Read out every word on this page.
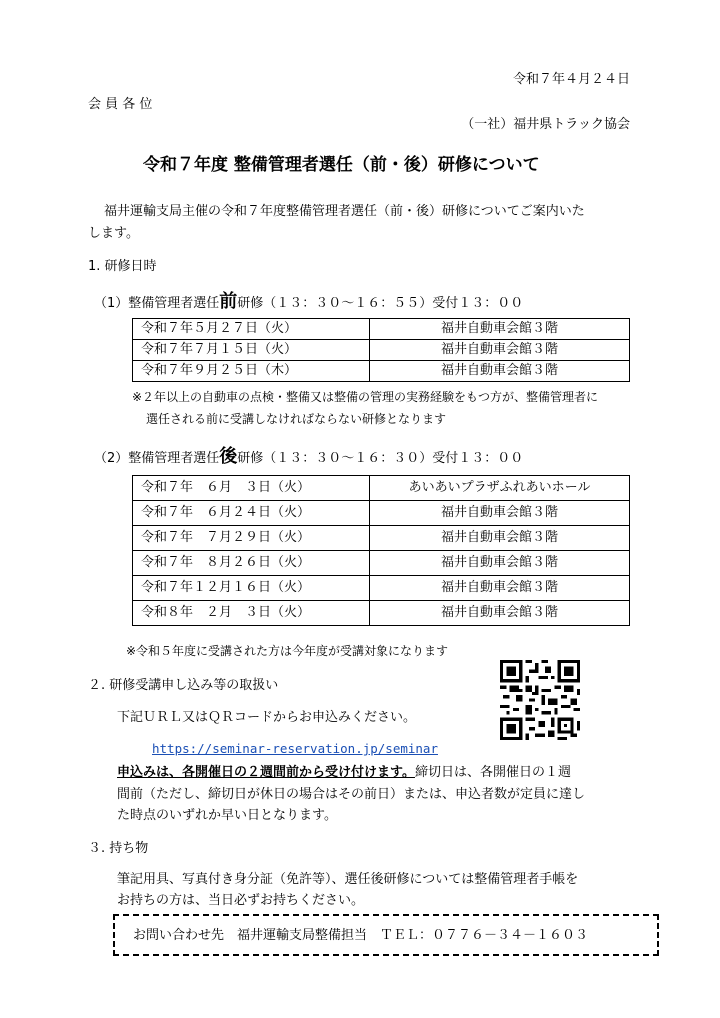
令和７年４月２４日
会 員 各 位
（一社）福井県トラック協会
令和７年度 整備管理者選任（前・後）研修について
福井運輸支局主催の令和７年度整備管理者選任（前・後）研修についてご案内いた
します。
1. 研修日時
（1）整備管理者選任前研修（１３：３０～１６：５５）受付１３：００
令和７年５月２７日（火）	福井自動車会館３階
令和７年７月１５日（火）	福井自動車会館３階
令和７年９月２５日（木）	福井自動車会館３階
※２年以上の自動車の点検・整備又は整備の管理の実務経験をもつ方が、整備管理者に
選任される前に受講しなければならない研修となります
（2）整備管理者選任後研修（１３：３０～１６：３０）受付１３：００
令和７年　６月　３日（火）	あいあいプラザふれあいホール
令和７年　６月２４日（火）	福井自動車会館３階
令和７年　７月２９日（火）	福井自動車会館３階
令和７年　８月２６日（火）	福井自動車会館３階
令和７年１２月１６日（火）	福井自動車会館３階
令和８年　２月　３日（火）	福井自動車会館３階
※令和５年度に受講された方は今年度が受講対象になります
２. 研修受講申し込み等の取扱い
下記ＵＲＬ又はＱＲコードからお申込みください。
https://seminar-reservation.jp/seminar
申込みは、各開催日の２週間前から受け付けます。締切日は、各開催日の１週
間前（ただし、締切日が休日の場合はその前日）または、申込者数が定員に達し
た時点のいずれか早い日となります。
３. 持ち物
筆記用具、写真付き身分証（免許等）、選任後研修については整備管理者手帳を
お持ちの方は、当日必ずお持ちください。
お問い合わせ先　福井運輸支局整備担当　ＴＥＬ：０７７６－３４－１６０３
